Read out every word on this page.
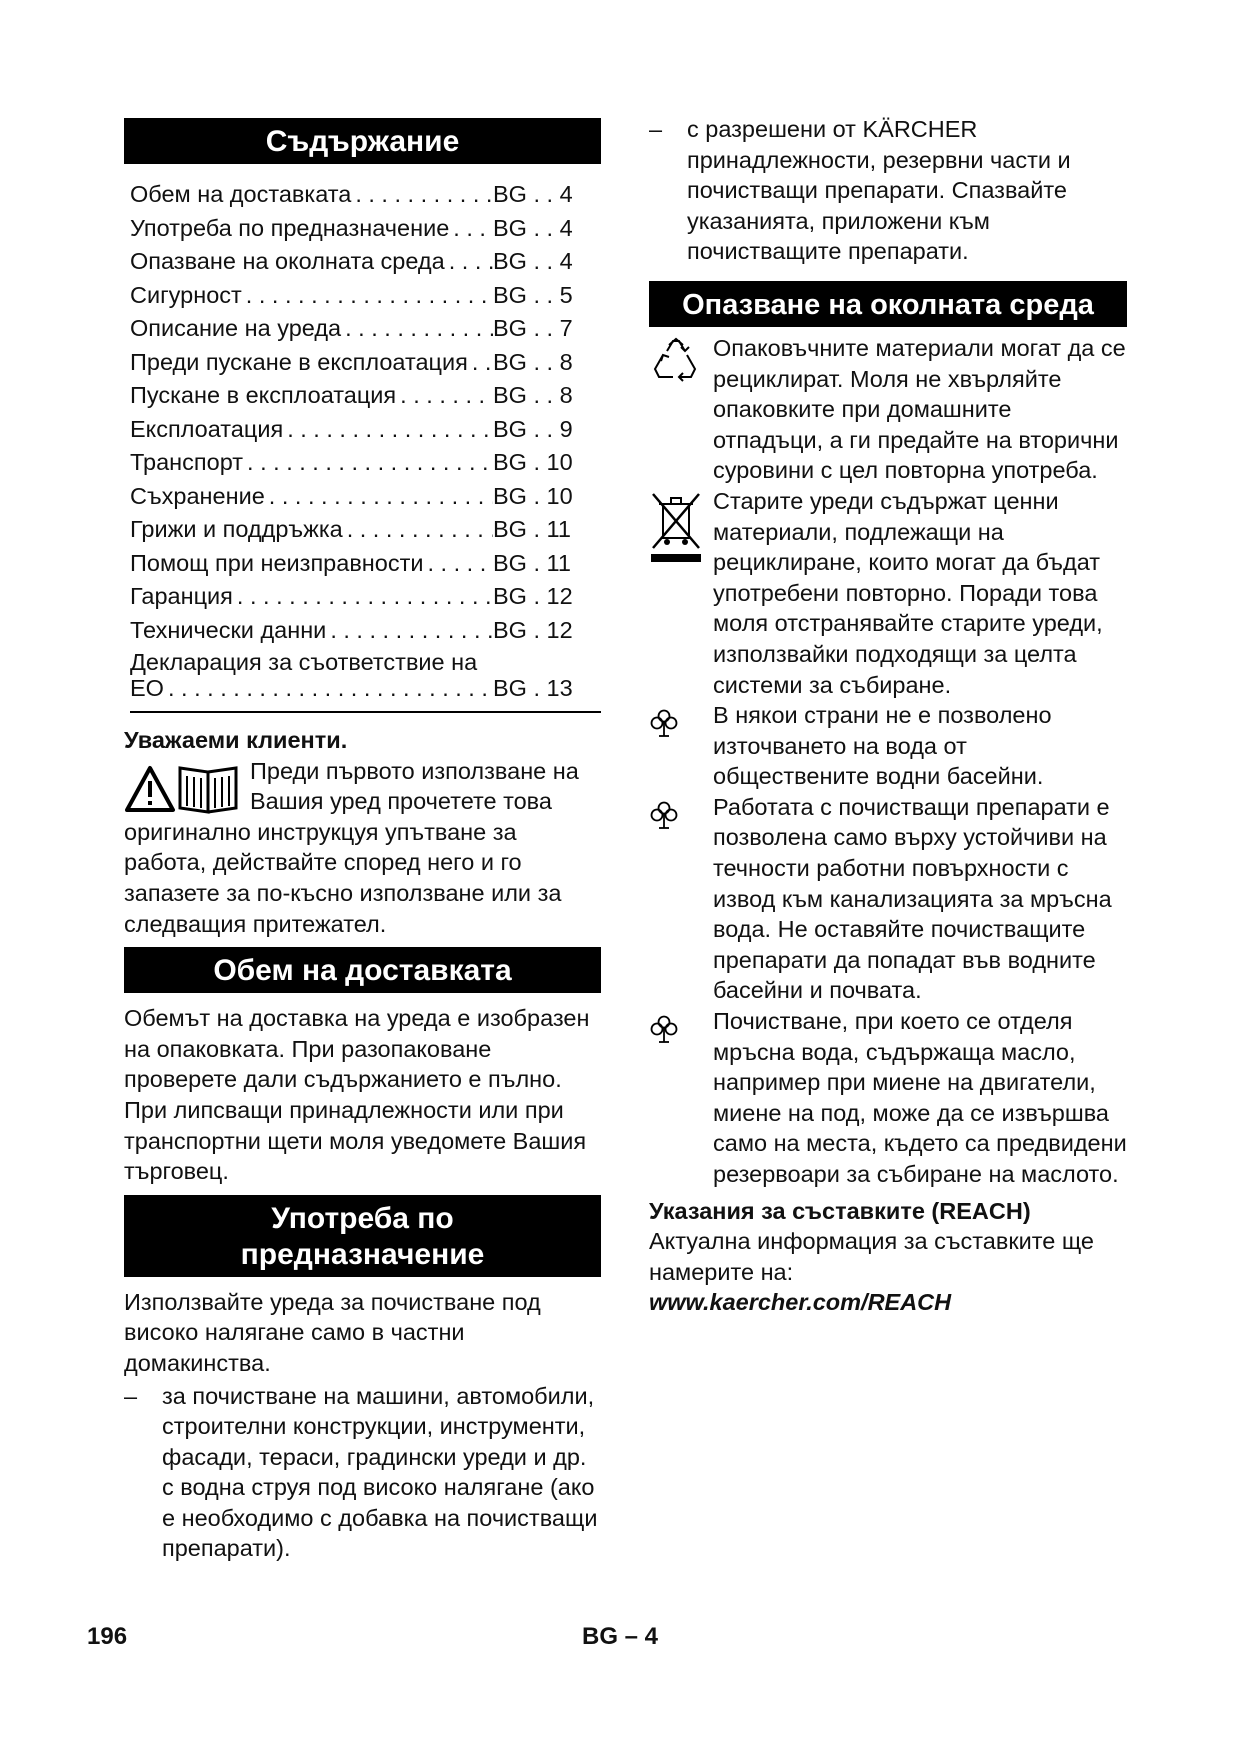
Съдържание
Обем на доставката . . .	BG . . 4
Употреба по предназначение . . . BG . . 4
Опазване на околната среда . . . BG . . 4
Сигурност . . .	BG . . 5
Описание на уреда . . .	BG . . 7
Преди пускане в експлоатация . . . BG . . 8
Пускане в експлоатация . . .	BG . . 8
Експлоатация . . .	BG . . 9
Транспорт . . .	BG . 10
Съхранение . . .	BG . 10
Грижи и поддръжка . . .	BG . 11
Помощ при неизправности . . .	BG . 11
Гаранция . . .	BG . 12
Технически данни . . .	BG . 12
Декларация за съответствие на
ЕО . . .	BG . 13
Уважаеми клиенти.

Преди първото използване на Вашия уред прочетете това оригинално инструкцуя упътване за работа, действайте според него и го запазете за по-късно използване или за следващия притежател.

Обем на доставката

Обемът на доставка на уреда е изобразен на опаковката. При разопаковане проверете дали съдържанието е пълно. При липсващи принадлежности или при транспортни щети моля уведомете Вашия търговец.

Употреба по
предназначение

Използвайте уреда за почистване под високо налягане само в частни домакинства.

–	за почистване на машини, автомобили, строителни конструкции, инструменти, фасади, тераси, градински уреди и др. с водна струя под високо налягане (ако е необходимо с добавка на почистващи препарати).
–	с разрешени от KÄRCHER принадлежности, резервни части и почистващи препарати. Спазвайте указанията, приложени към почистващите препарати.
Опазване на околната среда
Опаковъчните материали могат да се рециклират. Моля не хвърляйте опаковките при домашните отпадъци, а ги предайте на вторични суровини с цел повторна употреба.
Старите уреди съдържат ценни материали, подлежащи на рециклиране, които могат да бъдат употребени повторно. Поради това моля отстранявайте старите уреди, използвайки подходящи за целта системи за събиране.
В някои страни не е позволено източването на вода от обществените водни басейни.
Работата с почистващи препарати е позволена само върху устойчиви на течности работни повърхности с извод към канализацията за мръсна вода. Не оставяйте почистващите препарати да попадат във водните басейни и почвата.
Почистване, при което се отделя мръсна вода, съдържаща масло, например при миене на двигатели, миене на под, може да се извършва само на места, където са предвидени резервоари за събиране на маслото.
Указания за съставките (REACH)

Актуална информация за съставките ще намерите на:

www.kaercher.com/REACH
196	BG – 4
